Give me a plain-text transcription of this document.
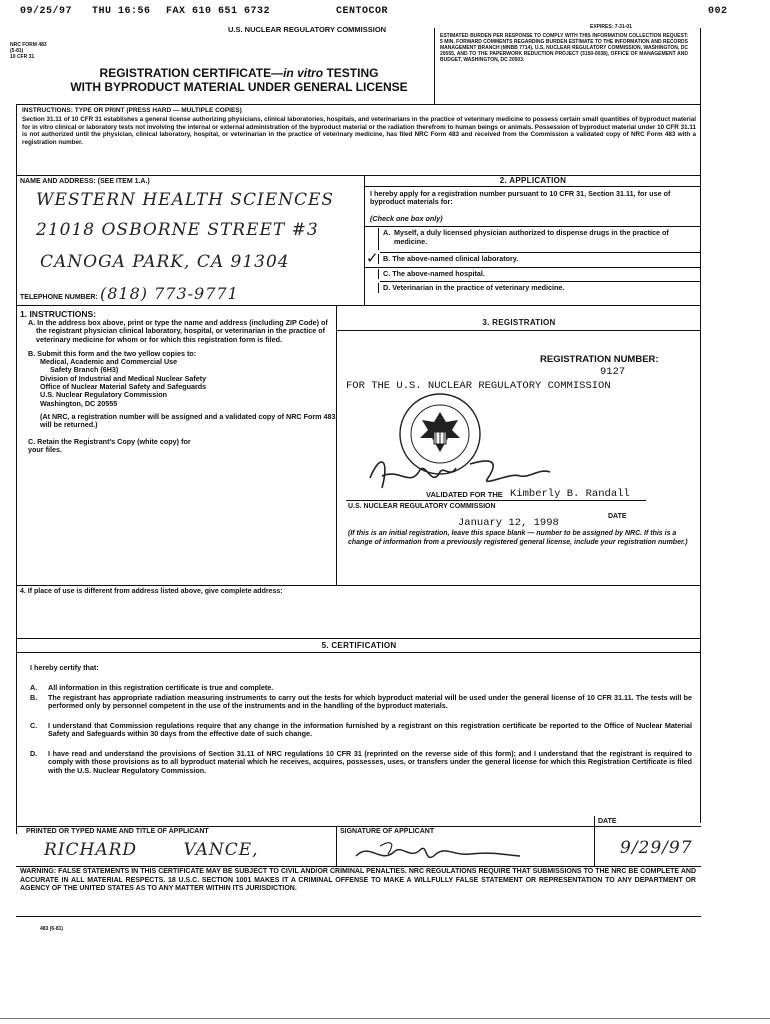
09/25/97 THU 16:56 FAX 610 651 6732	CENTOCOR	002
NRC FORM 483
(5-81)
10 CFR 31
U.S. NUCLEAR REGULATORY COMMISSION	EXPIRES: 7-31-01
ESTIMATED BURDEN PER RESPONSE TO COMPLY WITH THIS INFORMATION COLLECTION REQUEST: 5 MIN. FORWARD COMMENTS REGARDING BURDEN ESTIMATE TO THE INFORMATION AND RECORDS MANAGEMENT BRANCH (MNBB 7714), U.S. NUCLEAR REGULATORY COMMISSION, WASHINGTON, DC 20555, AND TO THE PAPERWORK REDUCTION PROJECT (3150-0038), OFFICE OF MANAGEMENT AND BUDGET, WASHINGTON, DC 20503.
REGISTRATION CERTIFICATE—in vitro TESTING
WITH BYPRODUCT MATERIAL UNDER GENERAL LICENSE
INSTRUCTIONS: TYPE OR PRINT (PRESS HARD — MULTIPLE COPIES)
Section 31.11 of 10 CFR 31 establishes a general license authorizing physicians, clinical laboratories, hospitals, and veterinarians in the practice of veterinary medicine to possess certain small quantities of byproduct material for in vitro clinical or laboratory tests not involving the internal or external administration of the byproduct material or the radiation therefrom to human beings or animals. Possession of byproduct material under 10 CFR 31.11 is not authorized until the physician, clinical laboratory, hospital, or veterinarian in the practice of veterinary medicine, has filed NRC Form 483 and received from the Commission a validated copy of NRC Form 483 with a registration number.
NAME AND ADDRESS: (SEE ITEM 1.A.)
WESTERN HEALTH SCIENCES
21018 OSBORNE STREET #3
CANOGA PARK, CA 91304
TELEPHONE NUMBER: (818) 773-9771
2. APPLICATION
I hereby apply for a registration number pursuant to 10 CFR 31, Section 31.11, for use of byproduct materials for:
(Check one box only)
A. Myself, a duly licensed physician authorized to dispense drugs in the practice of medicine.
✓ B. The above-named clinical laboratory.
C. The above-named hospital.
D. Veterinarian in the practice of veterinary medicine.
1. INSTRUCTIONS:
A. In the address box above, print or type the name and address (including ZIP Code) of the registrant physician clinical laboratory, hospital, or veterinarian in the practice of veterinary medicine for whom or for which this registration form is filed.
B. Submit this form and the two yellow copies to:
Medical, Academic and Commercial Use
Safety Branch (6H3)
Division of Industrial and Medical Nuclear Safety
Office of Nuclear Material Safety and Safeguards
U.S. Nuclear Regulatory Commission
Washington, DC 20555
(At NRC, a registration number will be assigned and a validated copy of NRC Form 483 will be returned.)
C. Retain the Registrant's Copy (white copy) for your files.
3. REGISTRATION
REGISTRATION NUMBER:
9127
FOR THE U.S. NUCLEAR REGULATORY COMMISSION
VALIDATED FOR THE Kimberly B. Randall
U.S. NUCLEAR REGULATORY COMMISSION
DATE
January 12, 1998
(If this is an initial registration, leave this space blank — number to be assigned by NRC. If this is a change of information from a previously registered general license, include your registration number.)
4. If place of use is different from address listed above, give complete address:
5. CERTIFICATION
I hereby certify that:
A. All information in this registration certificate is true and complete.
B. The registrant has appropriate radiation measuring instruments to carry out the tests for which byproduct material will be used under the general license of 10 CFR 31.11. The tests will be performed only by personnel competent in the use of the instruments and in the handling of the byproduct materials.
C. I understand that Commission regulations require that any change in the information furnished by a registrant on this registration certificate be reported to the Office of Nuclear Material Safety and Safeguards within 30 days from the effective date of such change.
D. I have read and understand the provisions of Section 31.11 of NRC regulations 10 CFR 31 (reprinted on the reverse side of this form); and I understand that the registrant is required to comply with those provisions as to all byproduct material which he receives, acquires, possesses, uses, or transfers under the general license for which this Registration Certificate is filed with the U.S. Nuclear Regulatory Commission.
PRINTED OR TYPED NAME AND TITLE OF APPLICANT
RICHARD VANCE,
SIGNATURE OF APPLICANT
DATE
9/29/97
WARNING: FALSE STATEMENTS IN THIS CERTIFICATE MAY BE SUBJECT TO CIVIL AND/OR CRIMINAL PENALTIES. NRC REGULATIONS REQUIRE THAT SUBMISSIONS TO THE NRC BE COMPLETE AND ACCURATE IN ALL MATERIAL RESPECTS. 18 U.S.C. SECTION 1001 MAKES IT A CRIMINAL OFFENSE TO MAKE A WILLFULLY FALSE STATEMENT OR REPRESENTATION TO ANY DEPARTMENT OR AGENCY OF THE UNITED STATES AS TO ANY MATTER WITHIN ITS JURISDICTION.
483 (6-81)
